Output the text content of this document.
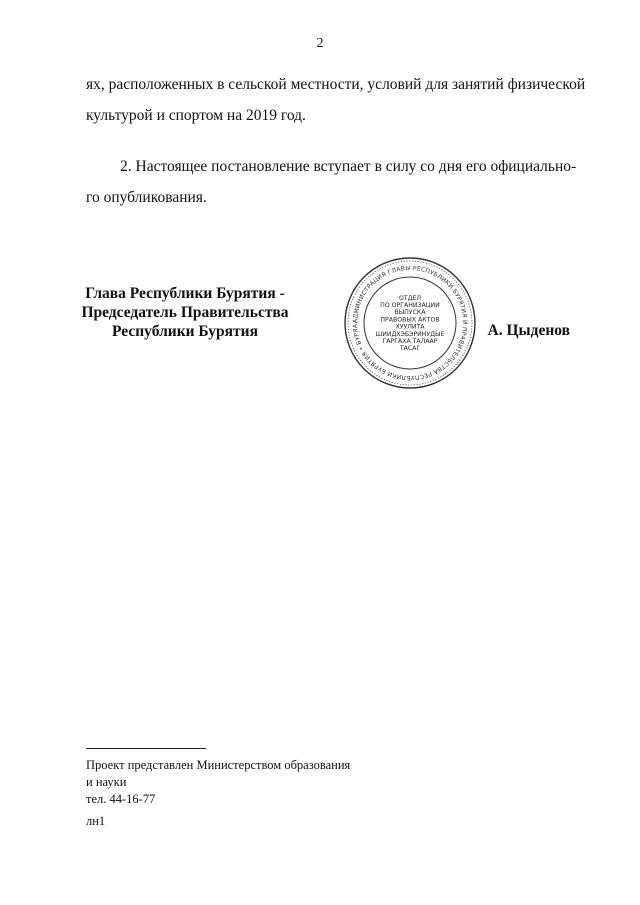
2
ях, расположенных в сельской местности, условий для занятий физической
культурой и спортом на 2019 год.
2. Настоящее постановление вступает в силу со дня его официально-
го опубликования.
Глава Республики Бурятия -
Председатель Правительства
Республики Бурятия
АДМИНИСТРАЦИЯ ГЛАВЫ РЕСПУБЛИКИ БУРЯТИЯ И ПРАВИТЕЛЬСТВА РЕСПУБЛИКИ БУРЯТИЯ • БУРЯА
ОТДЕЛ
ПО ОРГАНИЗАЦИИ
ВЫПУСКА
ПРАВОВЫХ АКТОВ
ХУУЛИТА
ШИИДХЭБЭРИНУДЫЕ
ГАРГАХА ТАЛААР
ТАСАГ
А. Цыденов
Проект представлен Министерством образования
и науки
тел. 44-16-77
лн1
